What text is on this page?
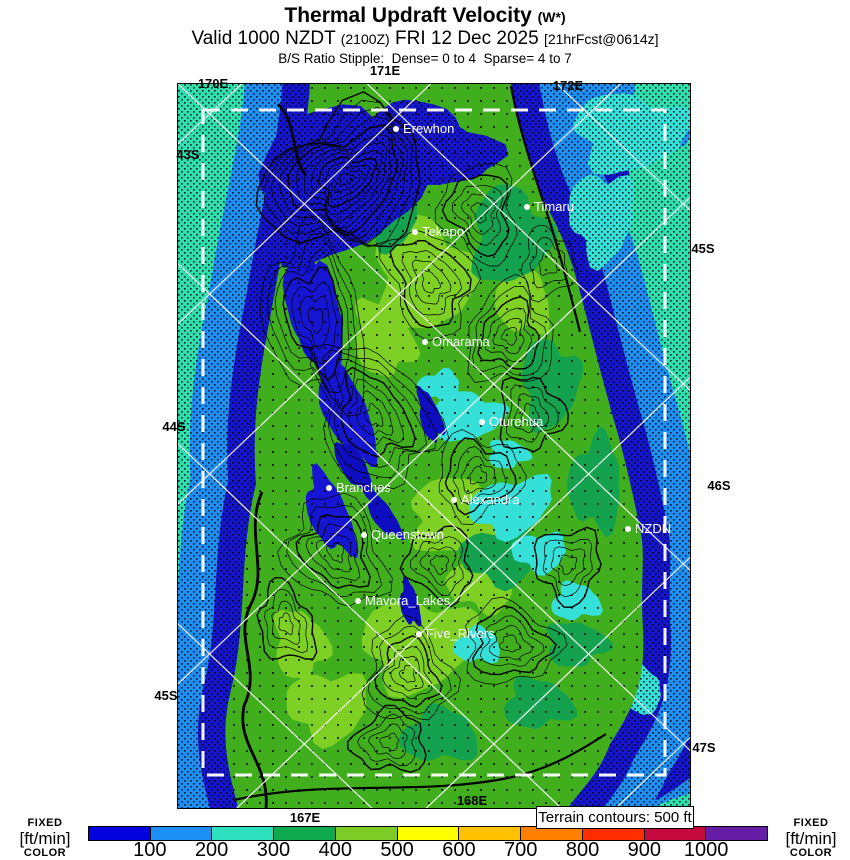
Thermal Updraft Velocity (W*)
Valid 1000 NZDT (2100Z) FRI 12 Dec 2025 [21hrFcst@0614z]
B/S Ratio Stipple:  Dense= 0 to 4  Sparse= 4 to 7
Erewhon
Timaru
Tekapo
Omarama
Oturehua
Branches
Alexandra
Queenstown	NZDN
Mavora_Lakes
Five_Rivers
170E
171E
172E
43S
44S
45S
45S
46S
47S
167E
168E
Terrain contours: 500 ft
FIXED
[ft/min]
COLOR	100 200 300 400 500 600 700 800 900 1000
FIXED
[ft/min]
COLOR
